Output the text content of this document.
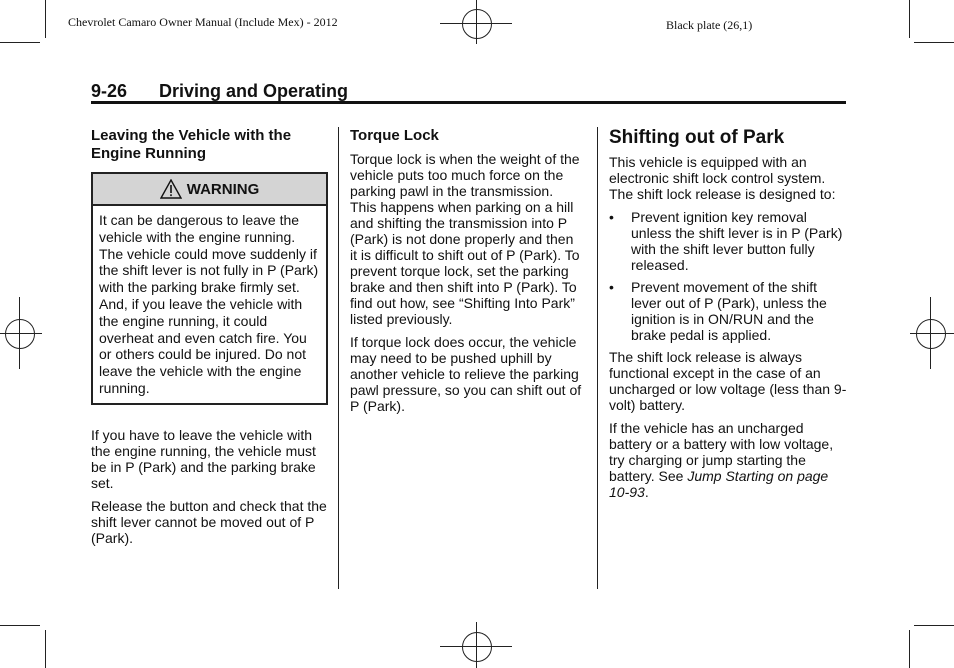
Chevrolet Camaro Owner Manual (Include Mex) - 2012	Black plate (26,1)
9-26 Driving and Operating
Leaving the Vehicle with the Engine Running
WARNING
It can be dangerous to leave the vehicle with the engine running. The vehicle could move suddenly if the shift lever is not fully in P (Park) with the parking brake firmly set. And, if you leave the vehicle with the engine running, it could overheat and even catch fire. You or others could be injured. Do not leave the vehicle with the engine running.

If you have to leave the vehicle with the engine running, the vehicle must be in P (Park) and the parking brake set.

Release the button and check that the shift lever cannot be moved out of P (Park).

Torque Lock

Torque lock is when the weight of the vehicle puts too much force on the parking pawl in the transmission. This happens when parking on a hill and shifting the transmission into P (Park) is not done properly and then it is difficult to shift out of P (Park). To prevent torque lock, set the parking brake and then shift into P (Park). To find out how, see “Shifting Into Park” listed previously.

If torque lock does occur, the vehicle may need to be pushed uphill by another vehicle to relieve the parking pawl pressure, so you can shift out of P (Park).

Shifting out of Park

This vehicle is equipped with an electronic shift lock control system. The shift lock release is designed to:

• Prevent ignition key removal unless the shift lever is in P (Park) with the shift lever button fully released.
• Prevent movement of the shift lever out of P (Park), unless the ignition is in ON/RUN and the brake pedal is applied.

The shift lock release is always functional except in the case of an uncharged or low voltage (less than 9-volt) battery.

If the vehicle has an uncharged battery or a battery with low voltage, try charging or jump starting the battery. See Jump Starting on page 10-93.
